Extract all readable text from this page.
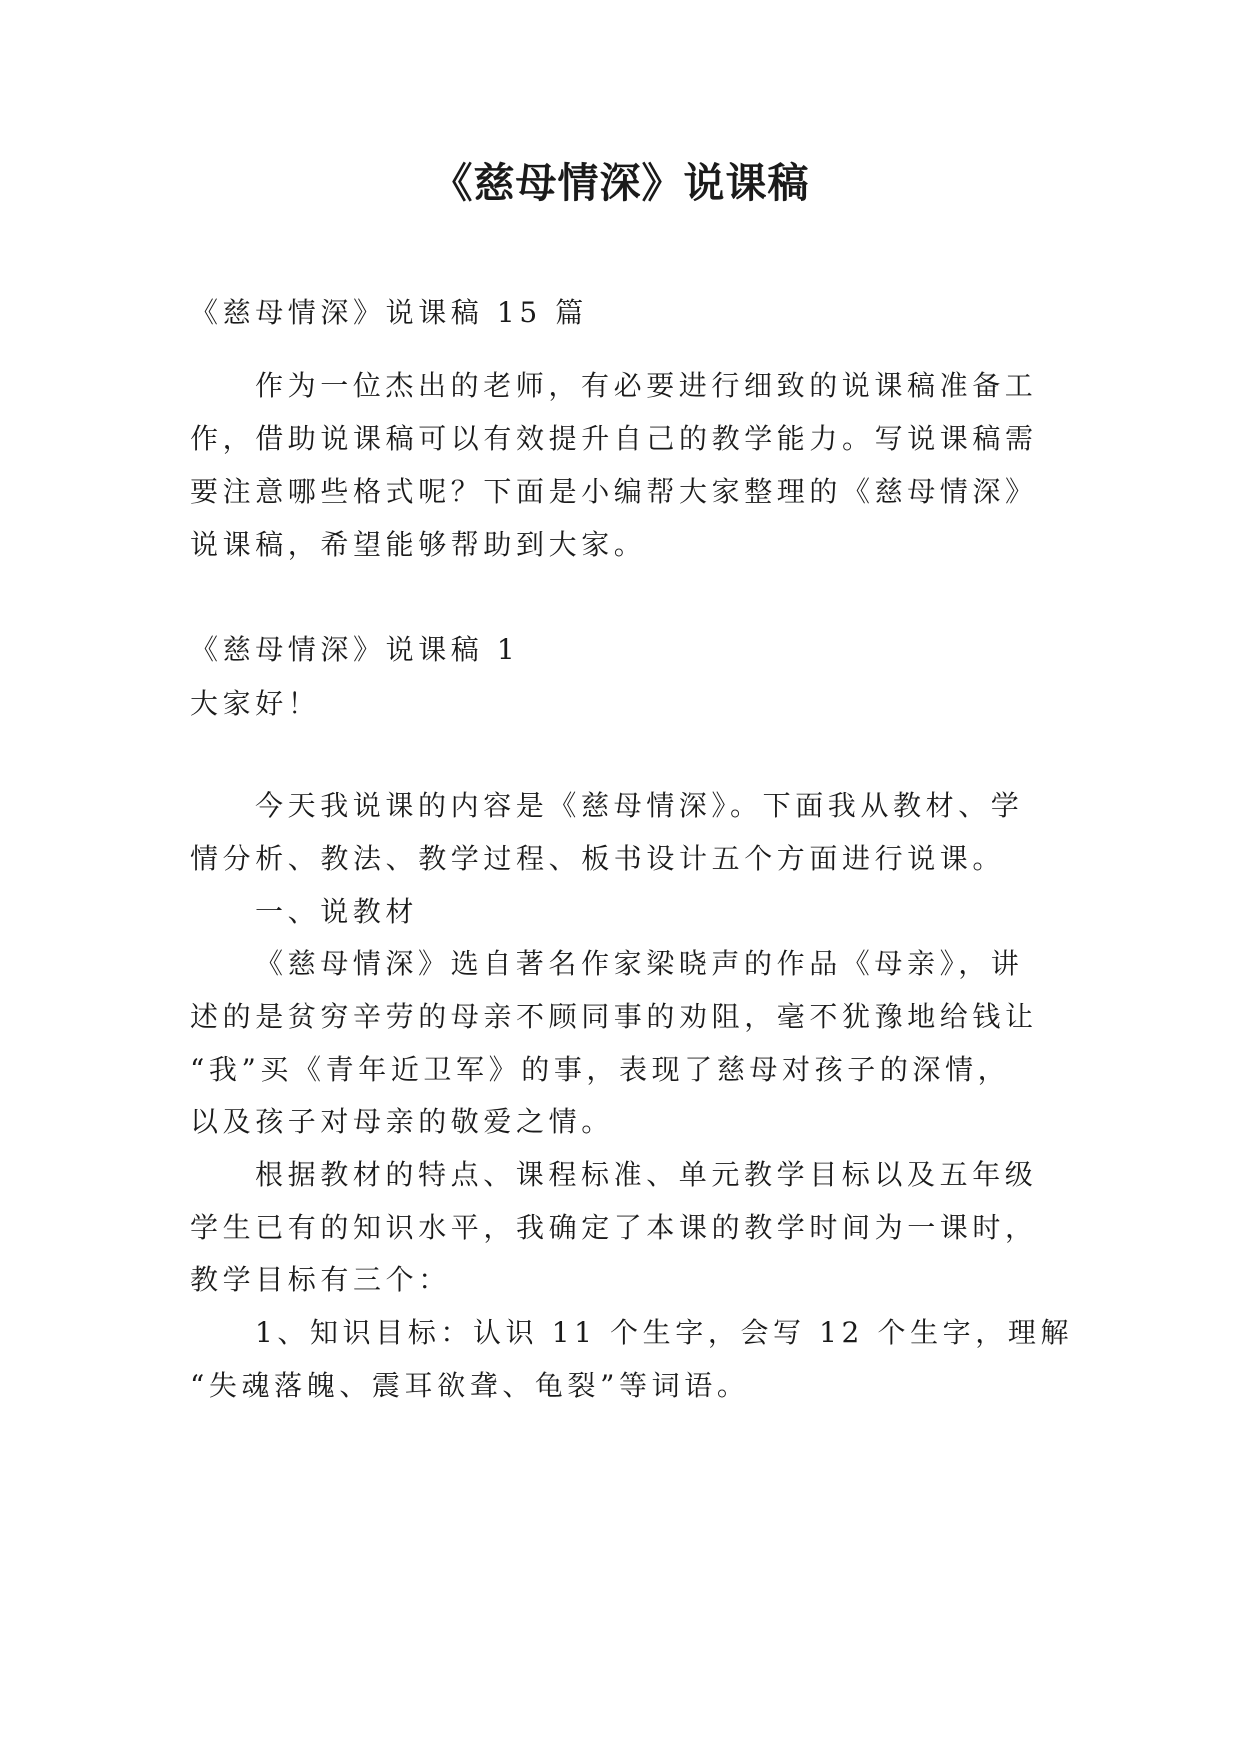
《慈母情深》说课稿

《慈母情深》说课稿 15 篇

作为一位杰出的老师，有必要进行细致的说课稿准备工

作，借助说课稿可以有效提升自己的教学能力。写说课稿需

要注意哪些格式呢？下面是小编帮大家整理的《慈母情深》

说课稿，希望能够帮助到大家。

《慈母情深》说课稿 1

大家好！

今天我说课的内容是《慈母情深》。下面我从教材、学

情分析、教法、教学过程、板书设计五个方面进行说课。

一、说教材

《慈母情深》选自著名作家梁晓声的作品《母亲》，讲

述的是贫穷辛劳的母亲不顾同事的劝阻，毫不犹豫地给钱让

“我”买《青年近卫军》的事，表现了慈母对孩子的深情，

以及孩子对母亲的敬爱之情。

根据教材的特点、课程标准、单元教学目标以及五年级

学生已有的知识水平，我确定了本课的教学时间为一课时，

教学目标有三个：

1、知识目标：认识 11 个生字，会写 12 个生字，理解

“失魂落魄、震耳欲聋、龟裂”等词语。
